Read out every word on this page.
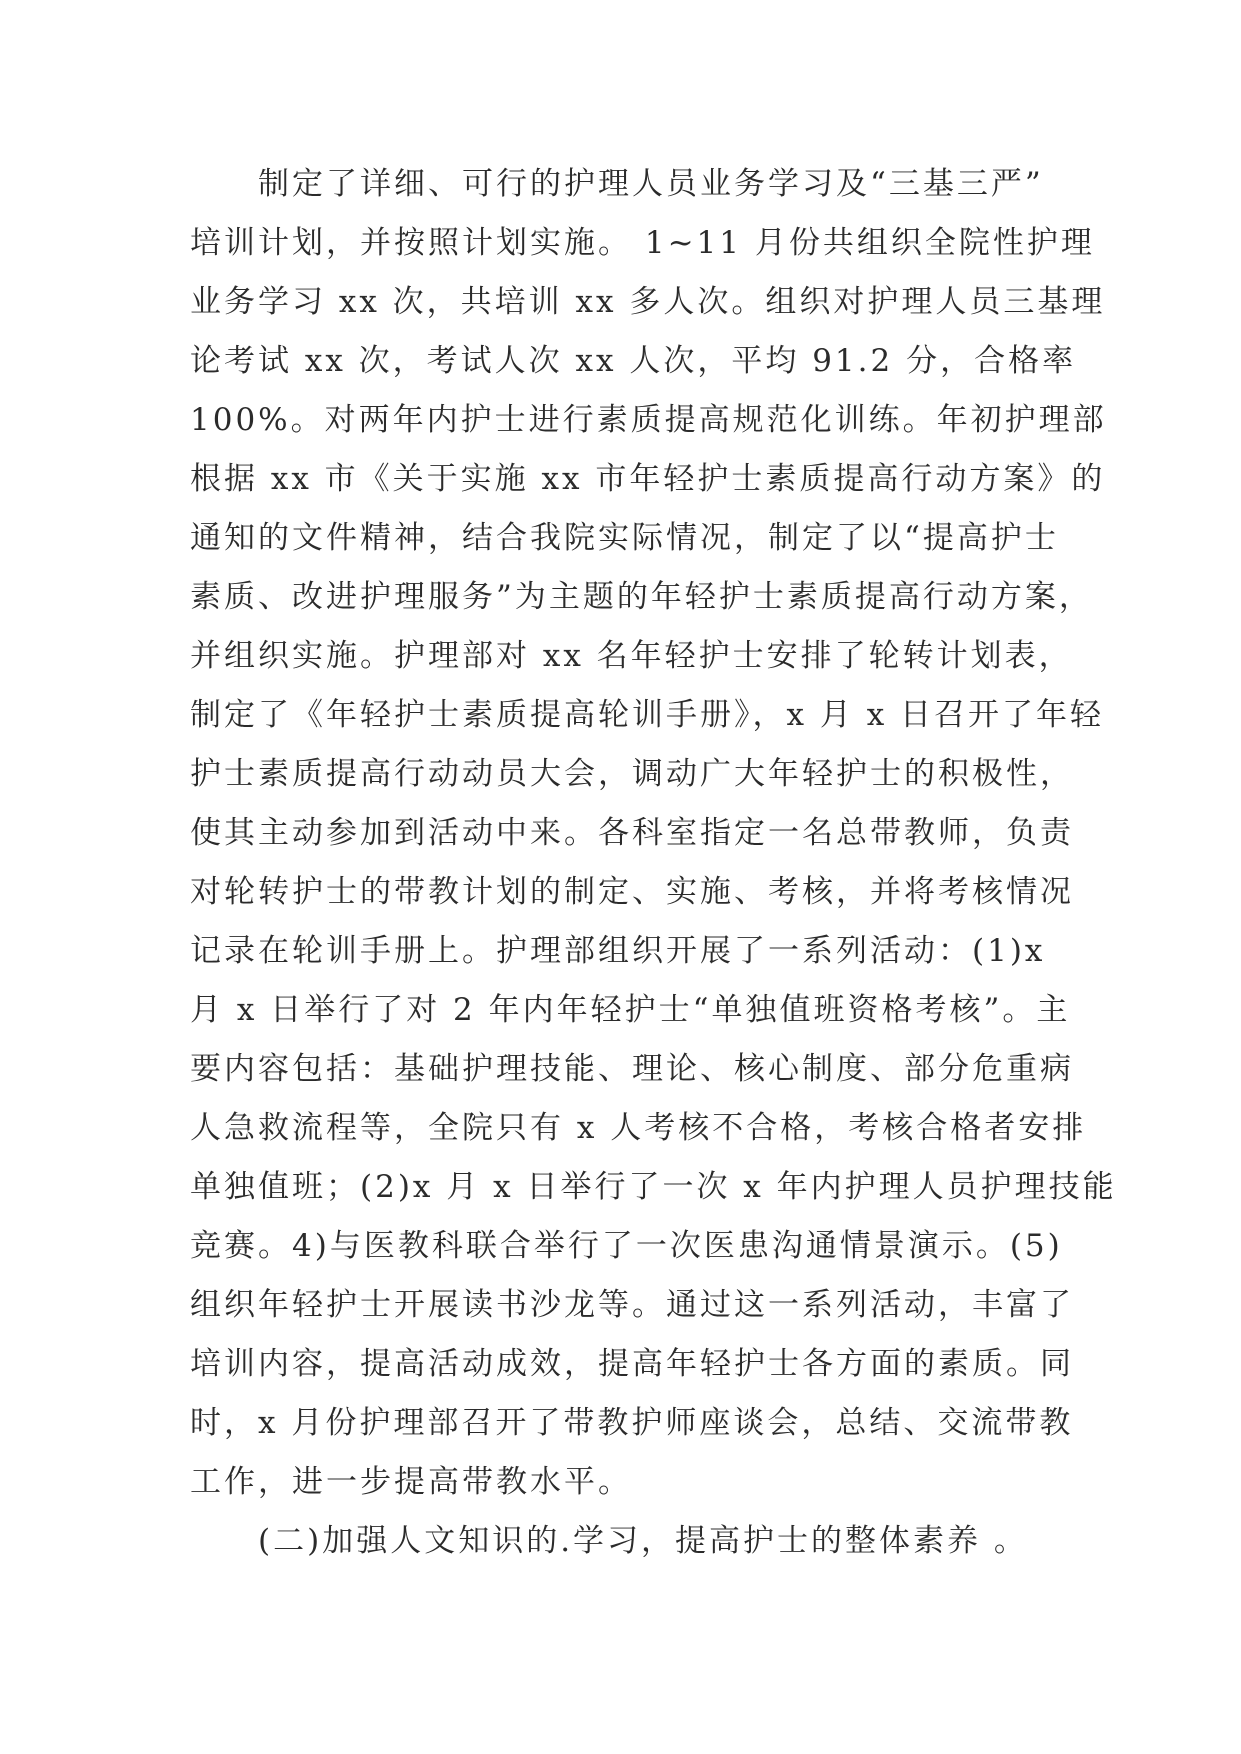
制定了详细、可行的护理人员业务学习及“三基三严”
培训计划，并按照计划实施。 1~11 月份共组织全院性护理
业务学习 xx 次，共培训 xx 多人次。组织对护理人员三基理
论考试 xx 次，考试人次 xx 人次，平均 91.2 分，合格率
100%。对两年内护士进行素质提高规范化训练。年初护理部
根据 xx 市《关于实施 xx 市年轻护士素质提高行动方案》的
通知的文件精神，结合我院实际情况，制定了以“提高护士
素质、改进护理服务”为主题的年轻护士素质提高行动方案，
并组织实施。护理部对 xx 名年轻护士安排了轮转计划表，
制定了《年轻护士素质提高轮训手册》，x 月 x 日召开了年轻
护士素质提高行动动员大会，调动广大年轻护士的积极性，
使其主动参加到活动中来。各科室指定一名总带教师，负责
对轮转护士的带教计划的制定、实施、考核，并将考核情况
记录在轮训手册上。护理部组织开展了一系列活动：(1)x
月 x 日举行了对 2 年内年轻护士“单独值班资格考核”。主
要内容包括：基础护理技能、理论、核心制度、部分危重病
人急救流程等，全院只有 x 人考核不合格，考核合格者安排
单独值班；(2)x 月 x 日举行了一次 x 年内护理人员护理技能
竞赛。4)与医教科联合举行了一次医患沟通情景演示。(5)
组织年轻护士开展读书沙龙等。通过这一系列活动，丰富了
培训内容，提高活动成效，提高年轻护士各方面的素质。同
时，x 月份护理部召开了带教护师座谈会，总结、交流带教
工作，进一步提高带教水平。
(二)加强人文知识的.学习，提高护士的整体素养 。
